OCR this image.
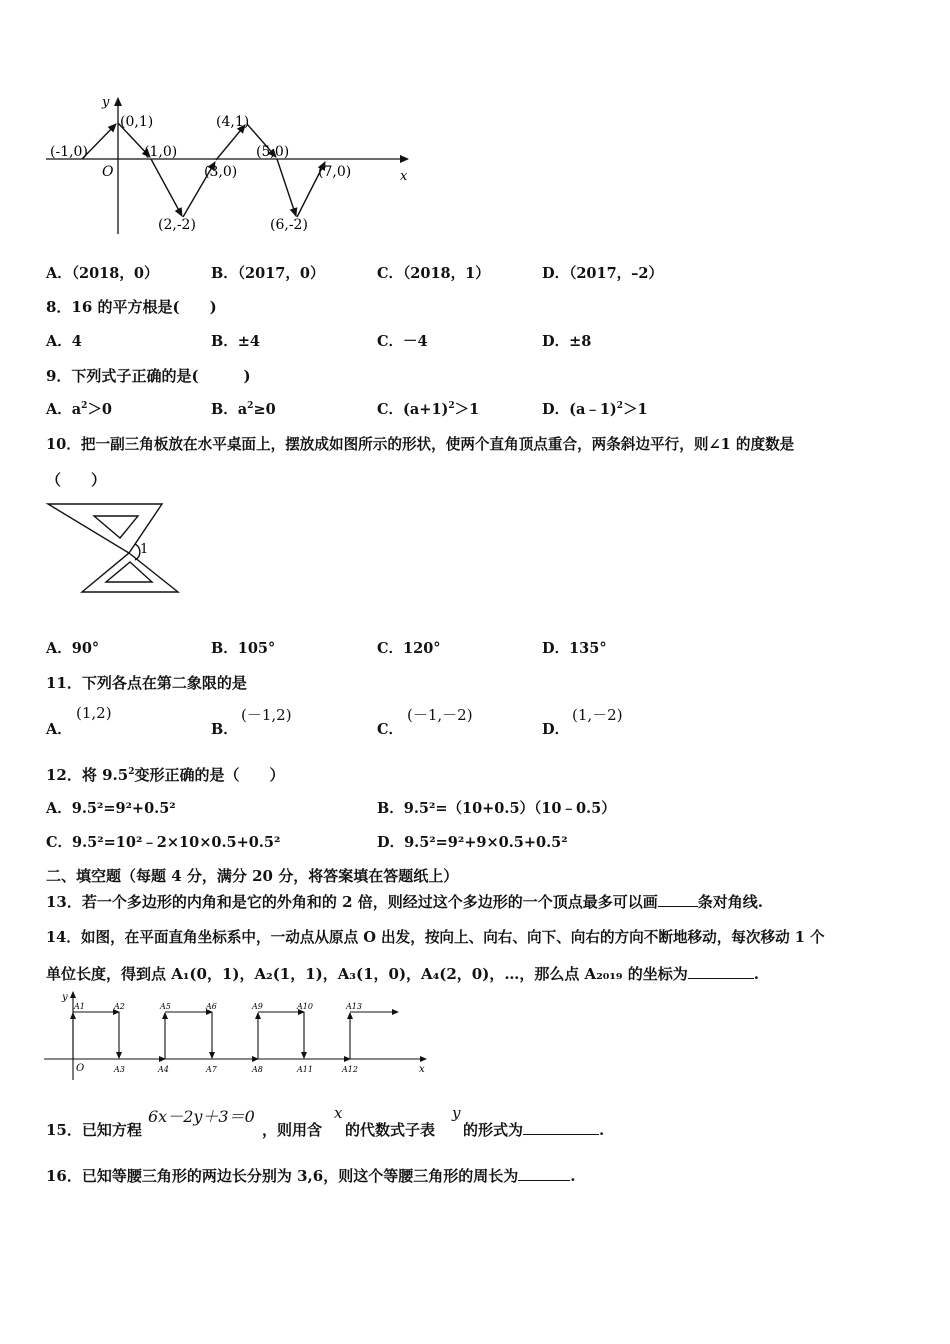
y
x
O
(-1,0)
(0,1)
(1,0)
(2,-2)
(3,0)
(4,1)
(5,0)
(6,-2)
(7,0)
A．（2018，0）	B．（2017，0）	C．（2018，1）	D．（2017，–2）
8．16 的平方根是(　　)
A．4	B．±4	C．－4	D．±8
9．下列式子正确的是(　　　)
A．$a^2>0$	B．$a^2\ge 0$	C．$(a+1)^2>1$	D．(a﹣1)$^2$＞1
10．把一副三角板放在水平桌面上，摆放成如图所示的形状，使两个直角顶点重合，两条斜边平行，则∠1 的度数是
（　　）
1
A．90°	B．105°	C．120°	D．135°
11．下列各点在第二象限的是
A．
(1,2)
B．
(－1,2)
C．
(－1,－2)
D．
(1,－2)
12．将 $9.5^2$变形正确的是（　　）
A．9.5²=9²+0.5²	B．9.5²=（10+0.5）（10﹣0.5）
C．9.5²=10²﹣2×10×0.5+0.5²	D．9.5²=9²+9×0.5+0.5²
二、填空题（每题 4 分，满分 20 分，将答案填在答题纸上）
13．若一个多边形的内角和是它的外角和的 2 倍，则经过这个多边形的一个顶点最多可以画	条对角线.
14．如图，在平面直角坐标系中，一动点从原点 O 出发，按向上、向右、向下、向右的方向不断地移动，每次移动 1 个
单位长度，得到点 A₁(0，1)，A₂(1，1)，A₃(1，0)，A₄(2，0)，…，那么点 A₂₀₁₉ 的坐标为	.
y
x
O
A1	A2	A5	A6	A9	A10	A13
A3	A4	A7	A8	A11	A12
15．已知方程
6x－2y＋3＝0
，则用含
x
的代数式子表
y
的形式为	.
16．已知等腰三角形的两边长分别为 3,6，则这个等腰三角形的周长为	.
